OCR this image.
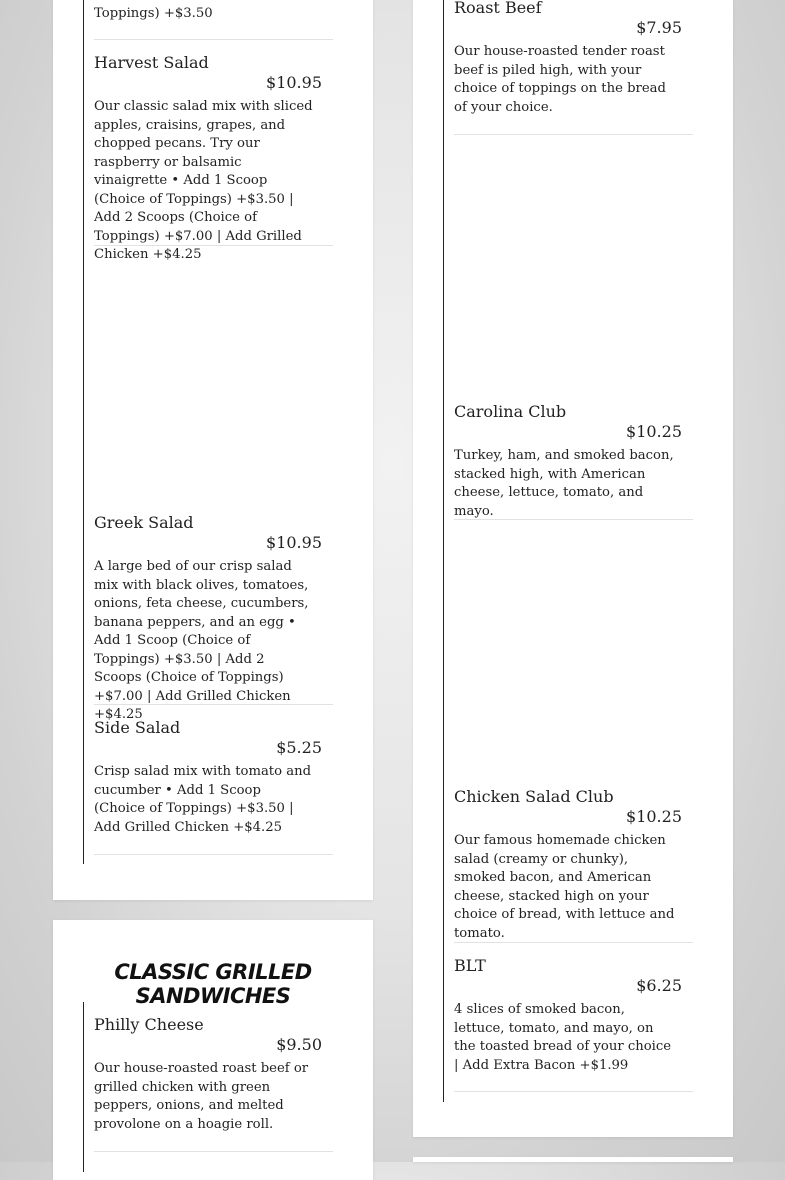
Toppings) +$3.50
Harvest Salad
$10.95
Our classic salad mix with sliced apples, craisins, grapes, and chopped pecans. Try our raspberry or balsamic vinaigrette • Add 1 Scoop (Choice of Toppings) +$3.50 | Add 2 Scoops (Choice of Toppings) +$7.00 | Add Grilled Chicken +$4.25
Greek Salad
$10.95
A large bed of our crisp salad mix with black olives, tomatoes, onions, feta cheese, cucumbers, banana peppers, and an egg • Add 1 Scoop (Choice of Toppings) +$3.50 | Add 2 Scoops (Choice of Toppings) +$7.00 | Add Grilled Chicken +$4.25
Side Salad
$5.25
Crisp salad mix with tomato and cucumber • Add 1 Scoop (Choice of Toppings) +$3.50 | Add Grilled Chicken +$4.25
CLASSIC GRILLED SANDWICHES
Philly Cheese
$9.50
Our house-roasted roast beef or grilled chicken with green peppers, onions, and melted provolone on a hoagie roll.
Roast Beef
$7.95
Our house-roasted tender roast beef is piled high, with your choice of toppings on the bread of your choice.
Carolina Club
$10.25
Turkey, ham, and smoked bacon, stacked high, with American cheese, lettuce, tomato, and mayo.
Chicken Salad Club
$10.25
Our famous homemade chicken salad (creamy or chunky), smoked bacon, and American cheese, stacked high on your choice of bread, with lettuce and tomato.
BLT
$6.25
4 slices of smoked bacon, lettuce, tomato, and mayo, on the toasted bread of your choice | Add Extra Bacon +$1.99
